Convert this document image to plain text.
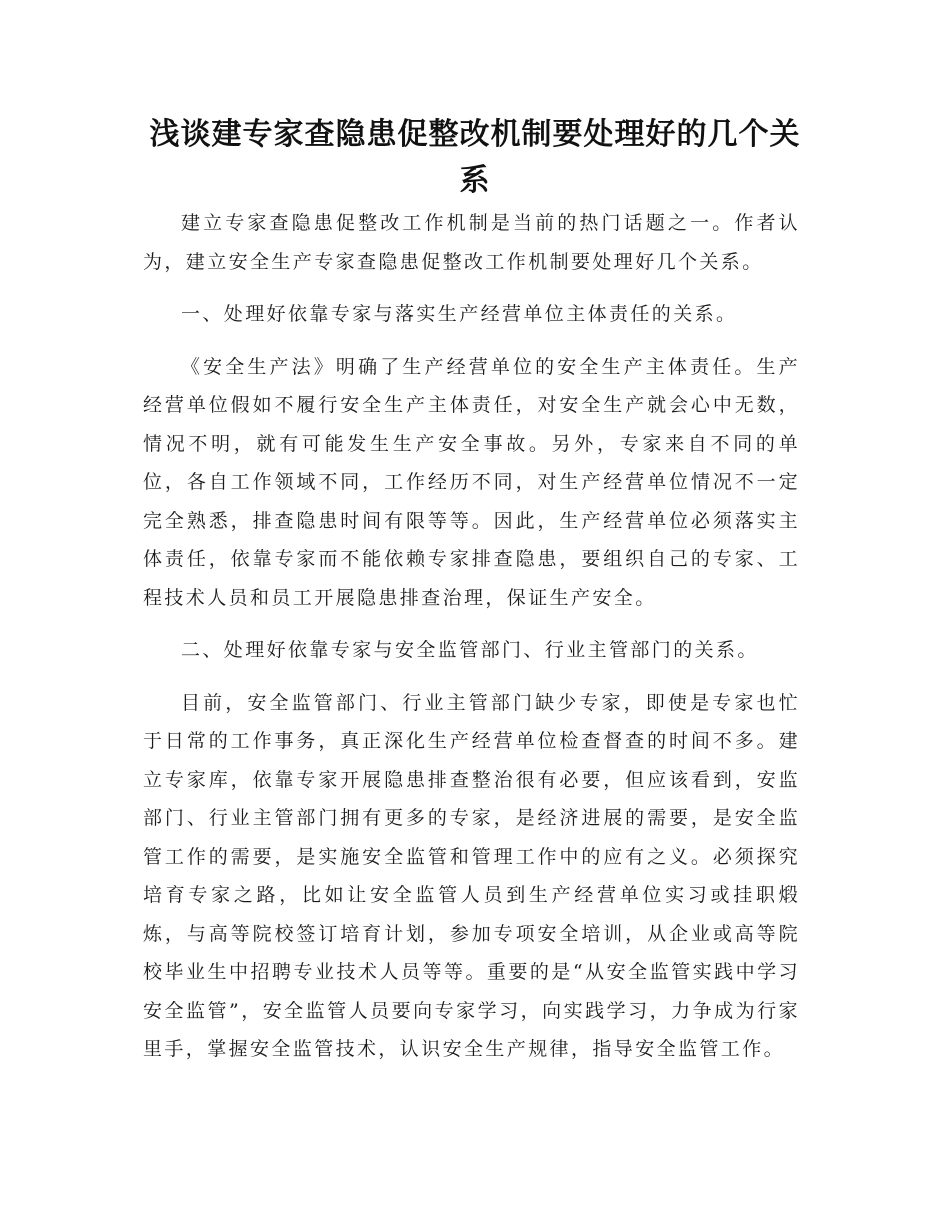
浅谈建专家查隐患促整改机制要处理好的几个关系

建立专家查隐患促整改工作机制是当前的热门话题之一。作者认为，建立安全生产专家查隐患促整改工作机制要处理好几个关系。

一、处理好依靠专家与落实生产经营单位主体责任的关系。

《安全生产法》明确了生产经营单位的安全生产主体责任。生产经营单位假如不履行安全生产主体责任，对安全生产就会心中无数，情况不明，就有可能发生生产安全事故。另外，专家来自不同的单位，各自工作领域不同，工作经历不同，对生产经营单位情况不一定完全熟悉，排查隐患时间有限等等。因此，生产经营单位必须落实主体责任，依靠专家而不能依赖专家排查隐患，要组织自己的专家、工程技术人员和员工开展隐患排查治理，保证生产安全。

二、处理好依靠专家与安全监管部门、行业主管部门的关系。

目前，安全监管部门、行业主管部门缺少专家，即使是专家也忙于日常的工作事务，真正深化生产经营单位检查督查的时间不多。建立专家库，依靠专家开展隐患排查整治很有必要，但应该看到，安监部门、行业主管部门拥有更多的专家，是经济进展的需要，是安全监管工作的需要，是实施安全监管和管理工作中的应有之义。必须探究培育专家之路，比如让安全监管人员到生产经营单位实习或挂职煅炼，与高等院校签订培育计划，参加专项安全培训，从企业或高等院校毕业生中招聘专业技术人员等等。重要的是“从安全监管实践中学习安全监管”，安全监管人员要向专家学习，向实践学习，力争成为行家里手，掌握安全监管技术，认识安全生产规律，指导安全监管工作。
